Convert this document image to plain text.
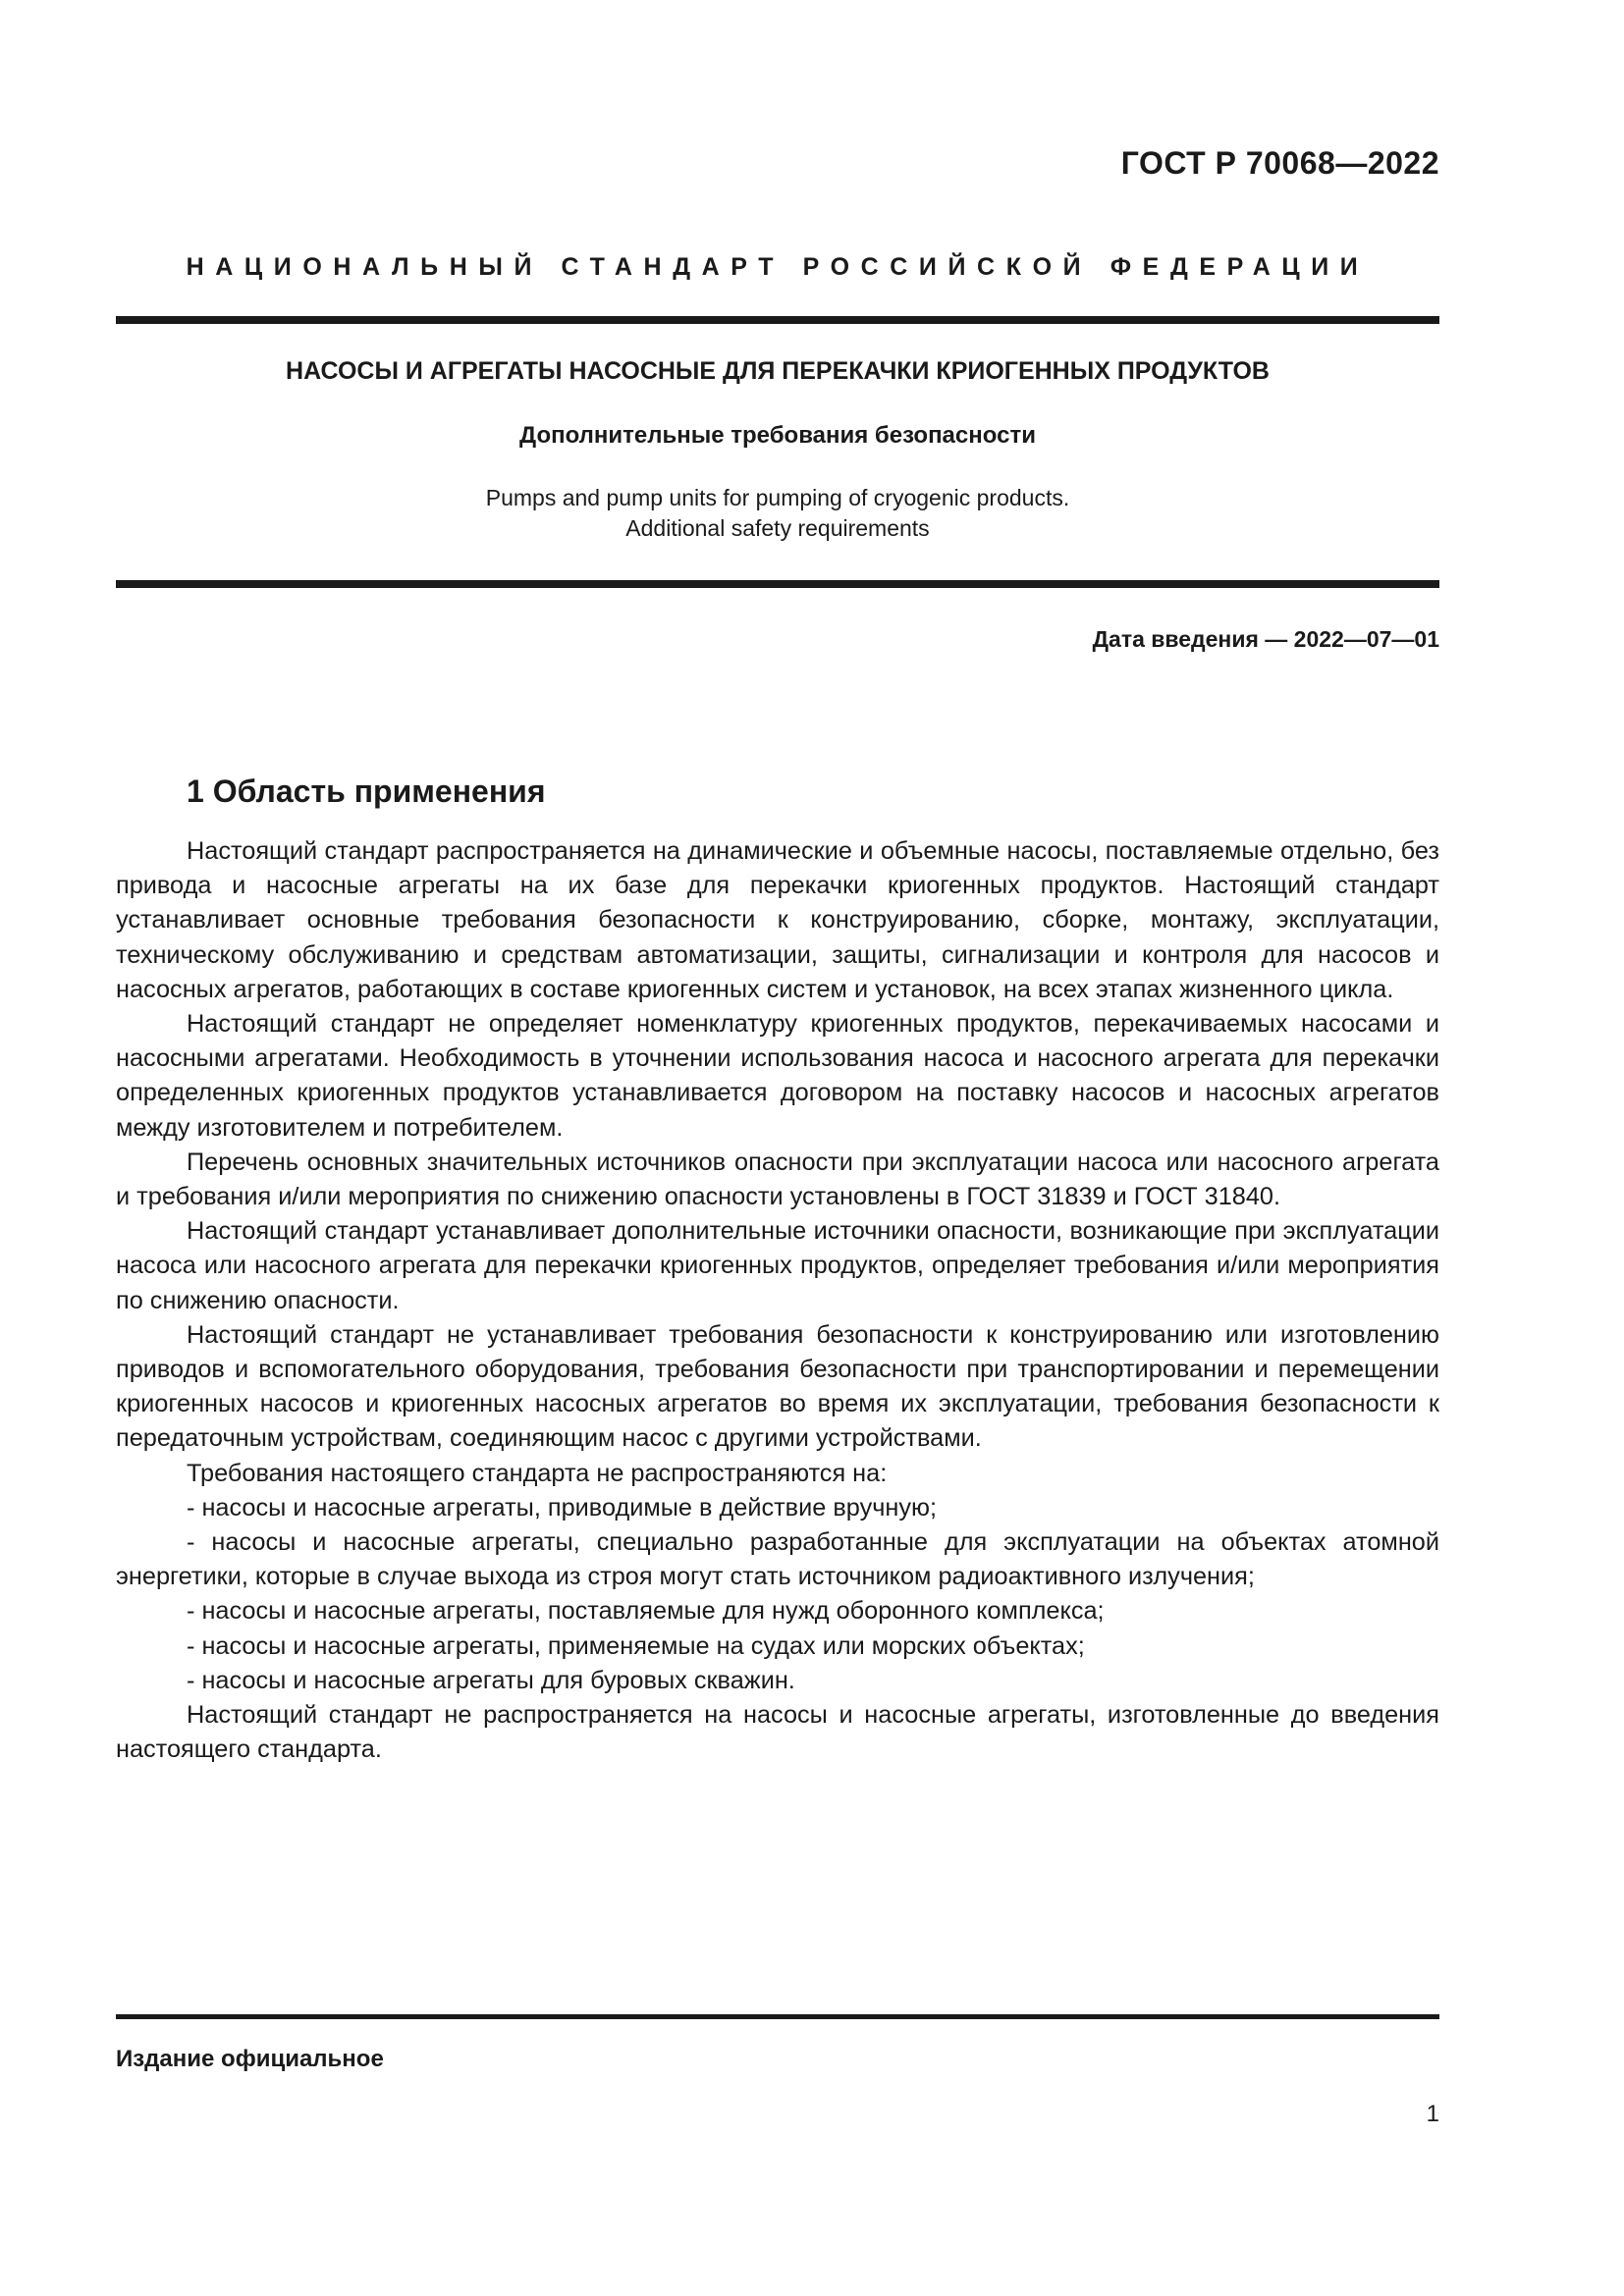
ГОСТ Р 70068—2022
НАЦИОНАЛЬНЫЙ СТАНДАРТ РОССИЙСКОЙ ФЕДЕРАЦИИ
НАСОСЫ И АГРЕГАТЫ НАСОСНЫЕ ДЛЯ ПЕРЕКАЧКИ КРИОГЕННЫХ ПРОДУКТОВ
Дополнительные требования безопасности
Pumps and pump units for pumping of cryogenic products.
Additional safety requirements
Дата введения — 2022—07—01
1 Область применения

Настоящий стандарт распространяется на динамические и объемные насосы, поставляемые отдельно, без привода и насосные агрегаты на их базе для перекачки криогенных продуктов. Настоящий стандарт устанавливает основные требования безопасности к конструированию, сборке, монтажу, эксплуатации, техническому обслуживанию и средствам автоматизации, защиты, сигнализации и контроля для насосов и насосных агрегатов, работающих в составе криогенных систем и установок, на всех этапах жизненного цикла.

Настоящий стандарт не определяет номенклатуру криогенных продуктов, перекачиваемых насосами и насосными агрегатами. Необходимость в уточнении использования насоса и насосного агрегата для перекачки определенных криогенных продуктов устанавливается договором на поставку насосов и насосных агрегатов между изготовителем и потребителем.

Перечень основных значительных источников опасности при эксплуатации насоса или насосного агрегата и требования и/или мероприятия по снижению опасности установлены в ГОСТ 31839 и ГОСТ 31840.

Настоящий стандарт устанавливает дополнительные источники опасности, возникающие при эксплуатации насоса или насосного агрегата для перекачки криогенных продуктов, определяет требования и/или мероприятия по снижению опасности.

Настоящий стандарт не устанавливает требования безопасности к конструированию или изготовлению приводов и вспомогательного оборудования, требования безопасности при транспортировании и перемещении криогенных насосов и криогенных насосных агрегатов во время их эксплуатации, требования безопасности к передаточным устройствам, соединяющим насос с другими устройствами.

Требования настоящего стандарта не распространяются на:

- насосы и насосные агрегаты, приводимые в действие вручную;

- насосы и насосные агрегаты, специально разработанные для эксплуатации на объектах атомной энергетики, которые в случае выхода из строя могут стать источником радиоактивного излучения;

- насосы и насосные агрегаты, поставляемые для нужд оборонного комплекса;

- насосы и насосные агрегаты, применяемые на судах или морских объектах;

- насосы и насосные агрегаты для буровых скважин.

Настоящий стандарт не распространяется на насосы и насосные агрегаты, изготовленные до введения настоящего стандарта.

Издание официальное
1
